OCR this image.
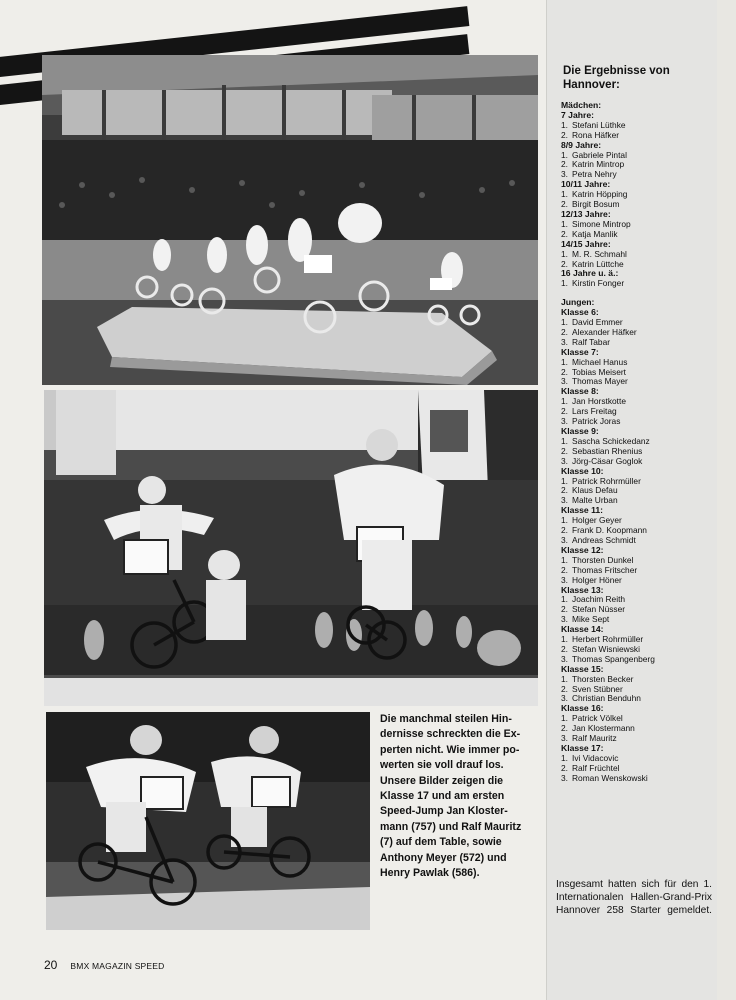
Die manchmal steilen Hin-
dernisse schreckten die Ex-
perten nicht. Wie immer po-
werten sie voll drauf los.
Unsere Bilder zeigen die
Klasse 17 und am ersten
Speed-Jump Jan Kloster-
mann (757) und Ralf Mauritz
(7) auf dem Table, sowie
Anthony Meyer (572) und
Henry Pawlak (586).
Die Ergebnisse von Hannover:
Mädchen:
7 Jahre:
1. Stefani Lüthke
2. Rona Häfker
8/9 Jahre:
1. Gabriele Pintal
2. Katrin Mintrop
3. Petra Nehry
10/11 Jahre:
1. Katrin Höpping
2. Birgit Bosum
12/13 Jahre:
1. Simone Mintrop
2. Katja Manlik
14/15 Jahre:
1. M. R. Schmahl
2. Katrin Lüttche
16 Jahre u. ä.:
1. Kirstin Fonger
Jungen:
Klasse 6:
1. David Emmer
2. Alexander Häfker
3. Ralf Tabar
Klasse 7:
1. Michael Hanus
2. Tobias Meisert
3. Thomas Mayer
Klasse 8:
1. Jan Horstkotte
2. Lars Freitag
3. Patrick Joras
Klasse 9:
1. Sascha Schickedanz
2. Sebastian Rhenius
3. Jörg-Cäsar Goglok
Klasse 10:
1. Patrick Rohrmüller
2. Klaus Defau
3. Malte Urban
Klasse 11:
1. Holger Geyer
2. Frank D. Koopmann
3. Andreas Schmidt
Klasse 12:
1. Thorsten Dunkel
2. Thomas Fritscher
3. Holger Höner
Klasse 13:
1. Joachim Reith
2. Stefan Nüsser
3. Mike Sept
Klasse 14:
1. Herbert Rohrmüller
2. Stefan Wisniewski
3. Thomas Spangenberg
Klasse 15:
1. Thorsten Becker
2. Sven Stübner
3. Christian Benduhn
Klasse 16:
1. Patrick Völkel
2. Jan Klostermann
3. Ralf Mauritz
Klasse 17:
1. Ivi Vidacovic
2. Ralf Früchtel
3. Roman Wenskowski
Insgesamt hatten sich für den 1. Internationalen Hallen-Grand-Prix Hannover 258 Starter gemeldet.
20 BMX MAGAZIN SPEED
